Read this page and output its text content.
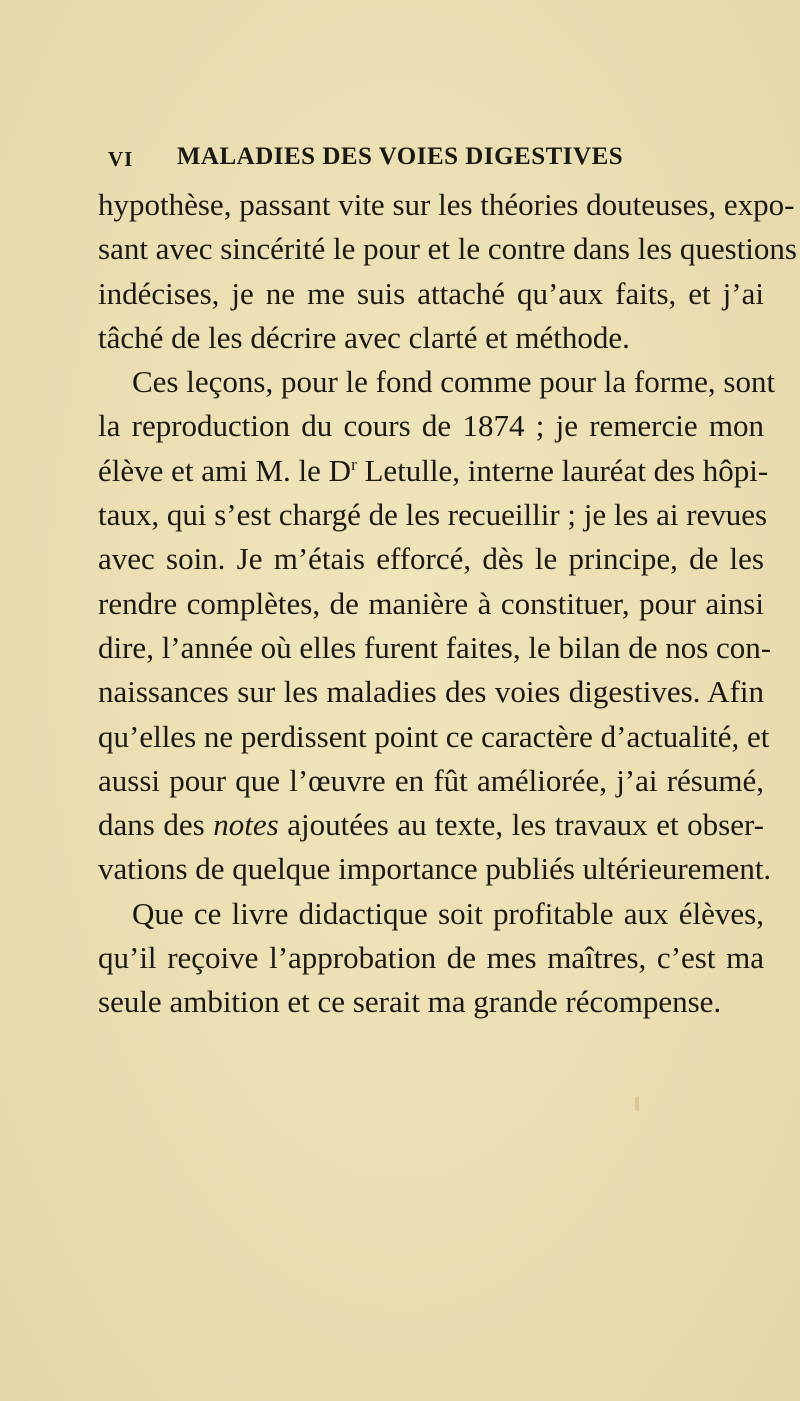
VI	MALADIES DES VOIES DIGESTIVES
hypothèse, passant vite sur les théories douteuses, expo-
sant avec sincérité le pour et le contre dans les questions
indécises, je ne me suis attaché qu’aux faits, et j’ai
tâché de les décrire avec clarté et méthode.
Ces leçons, pour le fond comme pour la forme, sont
la reproduction du cours de 1874 ; je remercie mon
élève et ami M. le $D^r$ Letulle, interne lauréat des hôpi-
taux, qui s’est chargé de les recueillir ; je les ai revues
avec soin. Je m’étais efforcé, dès le principe, de les
rendre complètes, de manière à constituer, pour ainsi
dire, l’année où elles furent faites, le bilan de nos con-
naissances sur les maladies des voies digestives. Afin
qu’elles ne perdissent point ce caractère d’actualité, et
aussi pour que l’œuvre en fût améliorée, j’ai résumé,
dans des notes ajoutées au texte, les travaux et obser-
vations de quelque importance publiés ultérieurement.
Que ce livre didactique soit profitable aux élèves,
qu’il reçoive l’approbation de mes maîtres, c’est ma
seule ambition et ce serait ma grande récompense.
